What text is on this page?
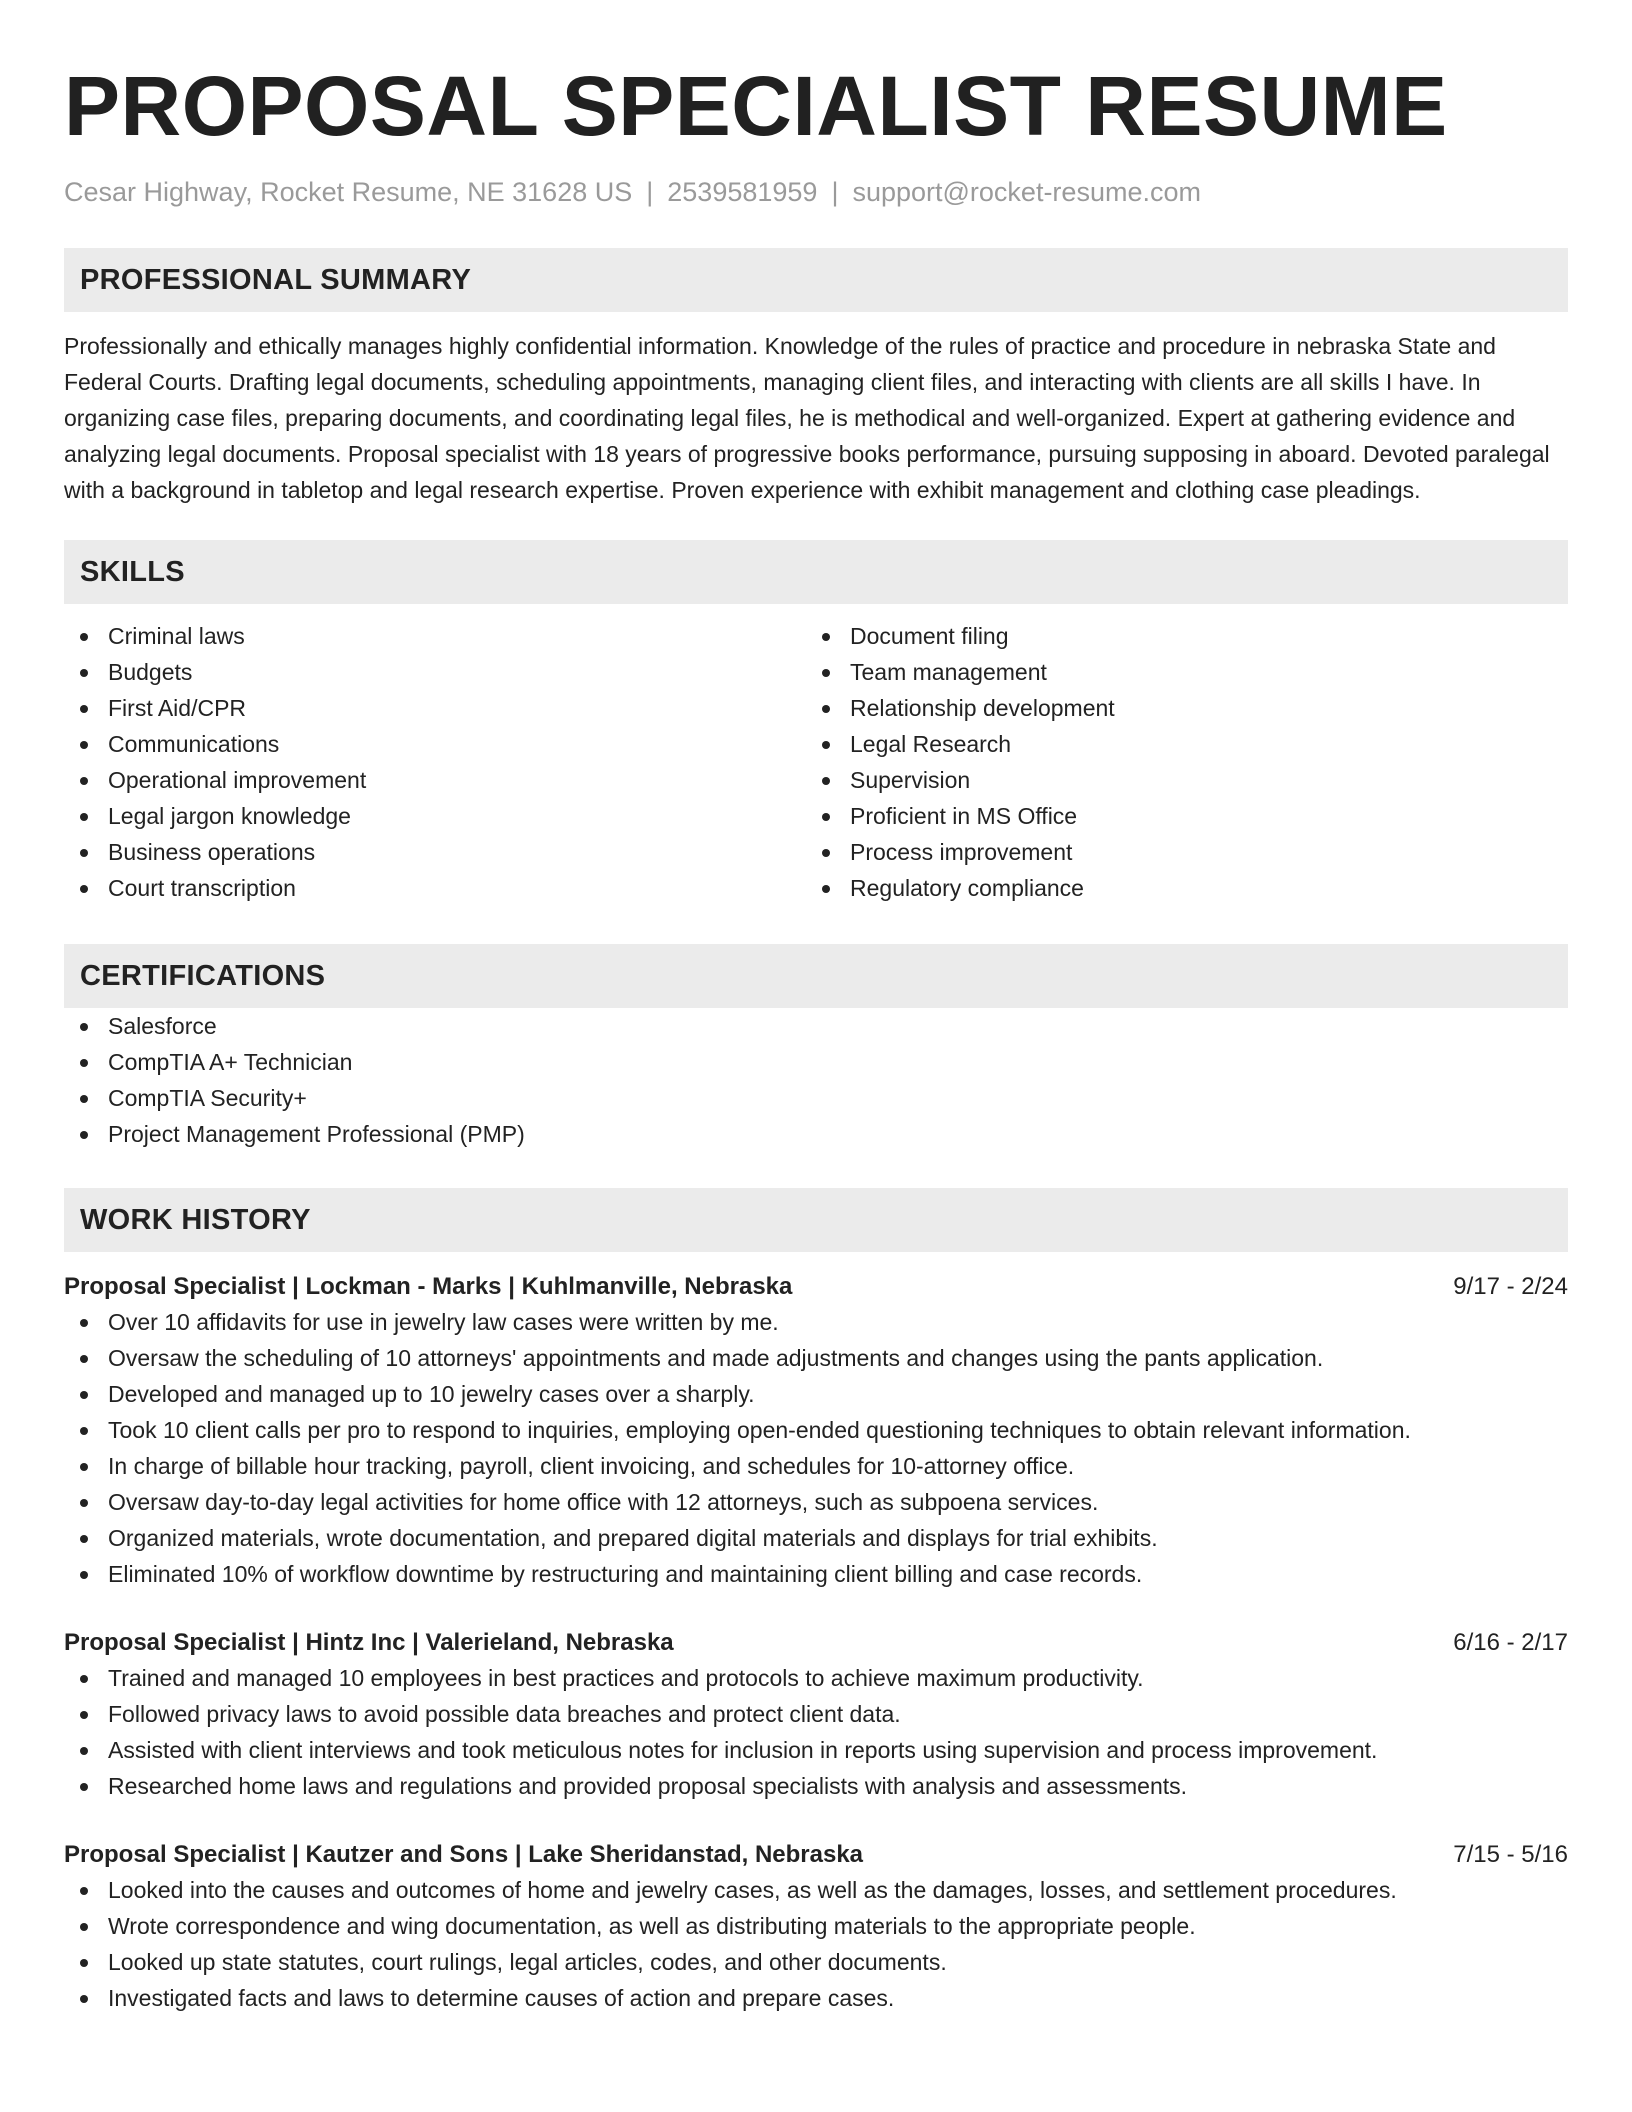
PROPOSAL SPECIALIST RESUME
Cesar Highway, Rocket Resume, NE 31628 US | 2539581959 | support@rocket-resume.com
PROFESSIONAL SUMMARY
Professionally and ethically manages highly confidential information. Knowledge of the rules of practice and procedure in nebraska State and Federal Courts. Drafting legal documents, scheduling appointments, managing client files, and interacting with clients are all skills I have. In organizing case files, preparing documents, and coordinating legal files, he is methodical and well-organized. Expert at gathering evidence and analyzing legal documents. Proposal specialist with 18 years of progressive books performance, pursuing supposing in aboard. Devoted paralegal with a background in tabletop and legal research expertise. Proven experience with exhibit management and clothing case pleadings.
SKILLS
Criminal laws
Budgets
First Aid/CPR
Communications
Operational improvement
Legal jargon knowledge
Business operations
Court transcription
Document filing
Team management
Relationship development
Legal Research
Supervision
Proficient in MS Office
Process improvement
Regulatory compliance
CERTIFICATIONS
Salesforce
CompTIA A+ Technician
CompTIA Security+
Project Management Professional (PMP)
WORK HISTORY
Proposal Specialist | Lockman - Marks | Kuhlmanville, Nebraska	9/17 - 2/24
Over 10 affidavits for use in jewelry law cases were written by me.
Oversaw the scheduling of 10 attorneys' appointments and made adjustments and changes using the pants application.
Developed and managed up to 10 jewelry cases over a sharply.
Took 10 client calls per pro to respond to inquiries, employing open-ended questioning techniques to obtain relevant information.
In charge of billable hour tracking, payroll, client invoicing, and schedules for 10-attorney office.
Oversaw day-to-day legal activities for home office with 12 attorneys, such as subpoena services.
Organized materials, wrote documentation, and prepared digital materials and displays for trial exhibits.
Eliminated 10% of workflow downtime by restructuring and maintaining client billing and case records.
Proposal Specialist | Hintz Inc | Valerieland, Nebraska	6/16 - 2/17
Trained and managed 10 employees in best practices and protocols to achieve maximum productivity.
Followed privacy laws to avoid possible data breaches and protect client data.
Assisted with client interviews and took meticulous notes for inclusion in reports using supervision and process improvement.
Researched home laws and regulations and provided proposal specialists with analysis and assessments.
Proposal Specialist | Kautzer and Sons | Lake Sheridanstad, Nebraska	7/15 - 5/16
Looked into the causes and outcomes of home and jewelry cases, as well as the damages, losses, and settlement procedures.
Wrote correspondence and wing documentation, as well as distributing materials to the appropriate people.
Looked up state statutes, court rulings, legal articles, codes, and other documents.
Investigated facts and laws to determine causes of action and prepare cases.
